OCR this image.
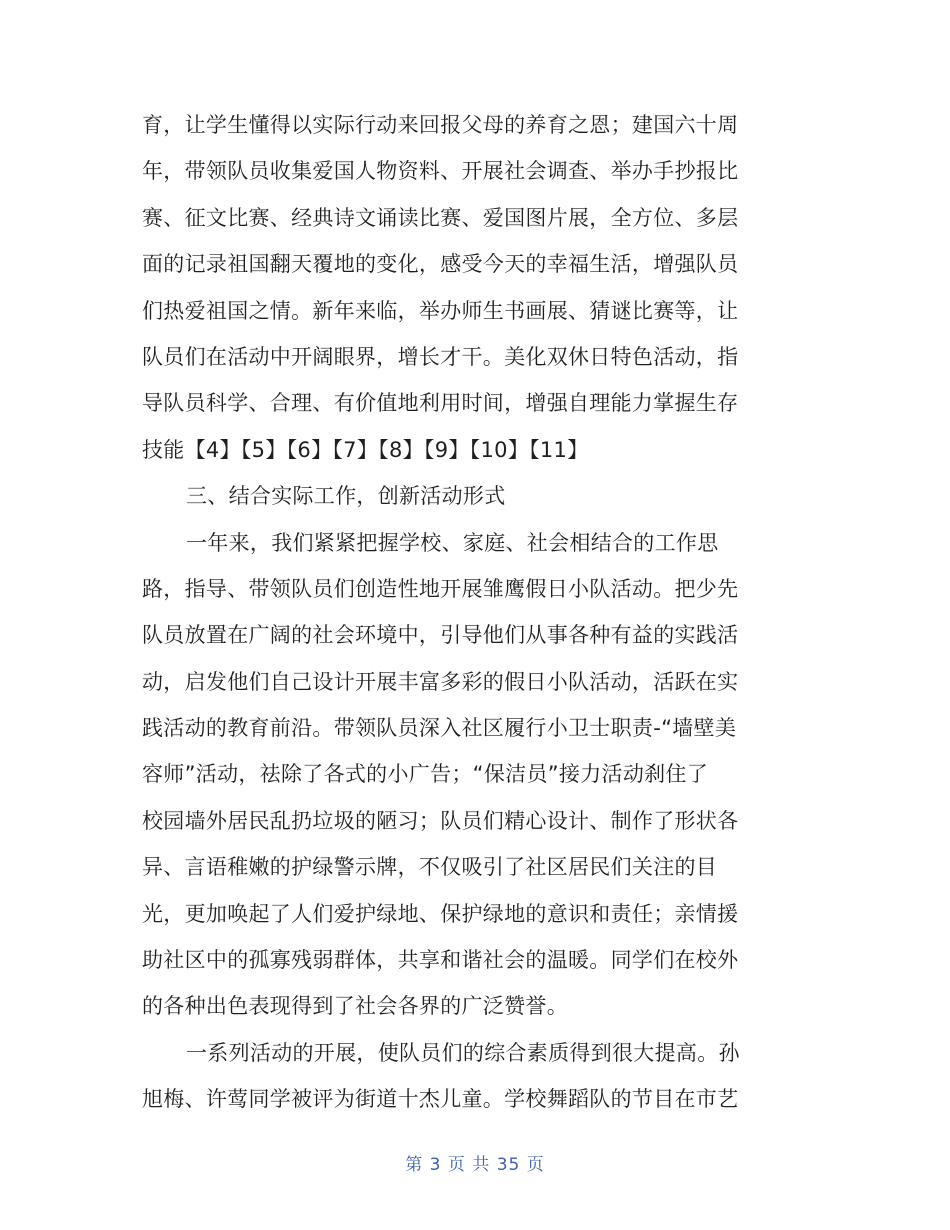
育，让学生懂得以实际行动来回报父母的养育之恩；建国六十周
年，带领队员收集爱国人物资料、开展社会调查、举办手抄报比
赛、征文比赛、经典诗文诵读比赛、爱国图片展，全方位、多层
面的记录祖国翻天覆地的变化，感受今天的幸福生活，增强队员
们热爱祖国之情。新年来临，举办师生书画展、猜谜比赛等，让
队员们在活动中开阔眼界，增长才干。美化双休日特色活动，指
导队员科学、合理、有价值地利用时间，增强自理能力掌握生存
技能【4】【5】【6】【7】【8】【9】【10】【11】
三、结合实际工作，创新活动形式
一年来，我们紧紧把握学校、家庭、社会相结合的工作思
路，指导、带领队员们创造性地开展雏鹰假日小队活动。把少先
队员放置在广阔的社会环境中，引导他们从事各种有益的实践活
动，启发他们自己设计开展丰富多彩的假日小队活动，活跃在实
践活动的教育前沿。带领队员深入社区履行小卫士职责-“墙壁美
容师”活动，祛除了各式的小广告；“保洁员”接力活动刹住了
校园墙外居民乱扔垃圾的陋习；队员们精心设计、制作了形状各
异、言语稚嫩的护绿警示牌，不仅吸引了社区居民们关注的目
光，更加唤起了人们爱护绿地、保护绿地的意识和责任；亲情援
助社区中的孤寡残弱群体，共享和谐社会的温暖。同学们在校外
的各种出色表现得到了社会各界的广泛赞誉。
一系列活动的开展，使队员们的综合素质得到很大提高。孙
旭梅、许莺同学被评为街道十杰儿童。学校舞蹈队的节目在市艺
第 3 页 共 35 页
